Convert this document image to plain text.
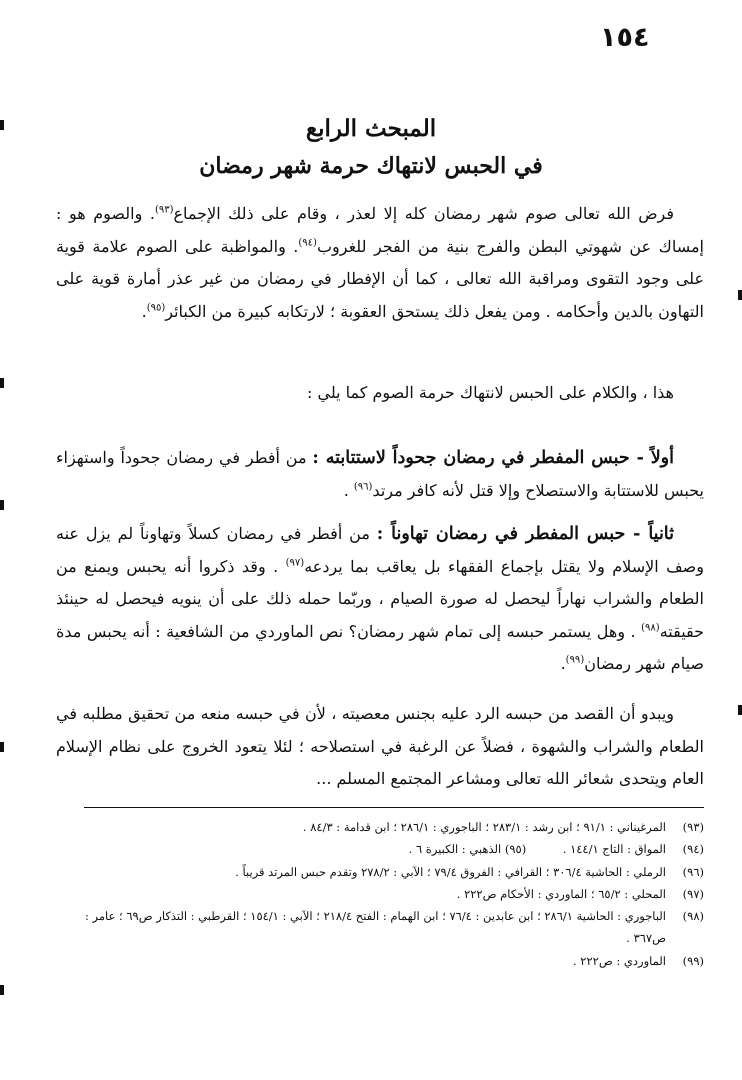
١٥٤
المبحث الرابع
في الحبس لانتهاك حرمة شهر رمضان
فرض الله تعالى صوم شهر رمضان كله إلا لعذر ، وقام على ذلك الإجماع$^{(٩٣)}$. والصوم هو : إمساك عن شهوتي البطن والفرج بنية من الفجر للغروب$^{(٩٤)}$. والمواظبة على الصوم علامة قوية على وجود التقوى ومراقبة الله تعالى ، كما أن الإفطار في رمضان من غير عذر أمارة قوية على التهاون بالدين وأحكامه . ومن يفعل ذلك يستحق العقوبة ؛ لارتكابه كبيرة من الكبائر$^{(٩٥)}$.
هذا ، والكلام على الحبس لانتهاك حرمة الصوم كما يلي :
أولاً - حبس المفطر في رمضان جحوداً لاستتابته : من أفطر في رمضان جحوداً واستهزاء يحبس للاستتابة والاستصلاح وإلا قتل لأنه كافر مرتد$^{(٩٦)}$ .
ثانياً - حبس المفطر في رمضان تهاوناً : من أفطر في رمضان كسلاً وتهاوناً لم يزل عنه وصف الإسلام ولا يقتل بإجماع الفقهاء بل يعاقب بما يردعه$^{(٩٧)}$ . وقد ذكروا أنه يحبس ويمنع من الطعام والشراب نهاراً ليحصل له صورة الصيام ، وربّما حمله ذلك على أن ينويه فيحصل له حينئذ حقيقته$^{(٩٨)}$ . وهل يستمر حبسه إلى تمام شهر رمضان؟ نص الماوردي من الشافعية : أنه يحبس مدة صيام شهر رمضان$^{(٩٩)}$.
ويبدو أن القصد من حبسه الرد عليه بجنس معصيته ، لأن في حبسه منعه من تحقيق مطلبه في الطعام والشراب والشهوة ، فضلاً عن الرغبة في استصلاحه ؛ لئلا يتعود الخروج على نظام الإسلام العام ويتحدى شعائر الله تعالى ومشاعر المجتمع المسلم ...
(٩٣)
المرغيناني : ٩١/١ ؛ ابن رشد : ٢٨٣/١ ؛ الباجوري : ٢٨٦/١ ؛ ابن قدامة : ٨٤/٣ .
(٩٤)
المواق : التاج ١٤٤/١ .          (٩٥) الذهبي : الكبيرة ٦ .
(٩٦)
الرملي : الحاشية ٣٠٦/٤ ؛ القرافي : الفروق ٧٩/٤ ؛ الآبي : ٢٧٨/٢ وتقدم حبس المرتد قريباً .
(٩٧)
المحلي : ٦٥/٢ ؛ الماوردي : الأحكام ص٢٢٢ .
(٩٨)
الباجوري : الحاشية ٢٨٦/١ ؛ ابن عابدين : ٧٦/٤ ؛ ابن الهمام : الفتح ٢١٨/٤ ؛ الآبي : ١٥٤/١ ؛ القرطبي : التذكار ص٦٩ ؛ عامر : ص٣٦٧ .
(٩٩)
الماوردي : ص٢٢٢ .
